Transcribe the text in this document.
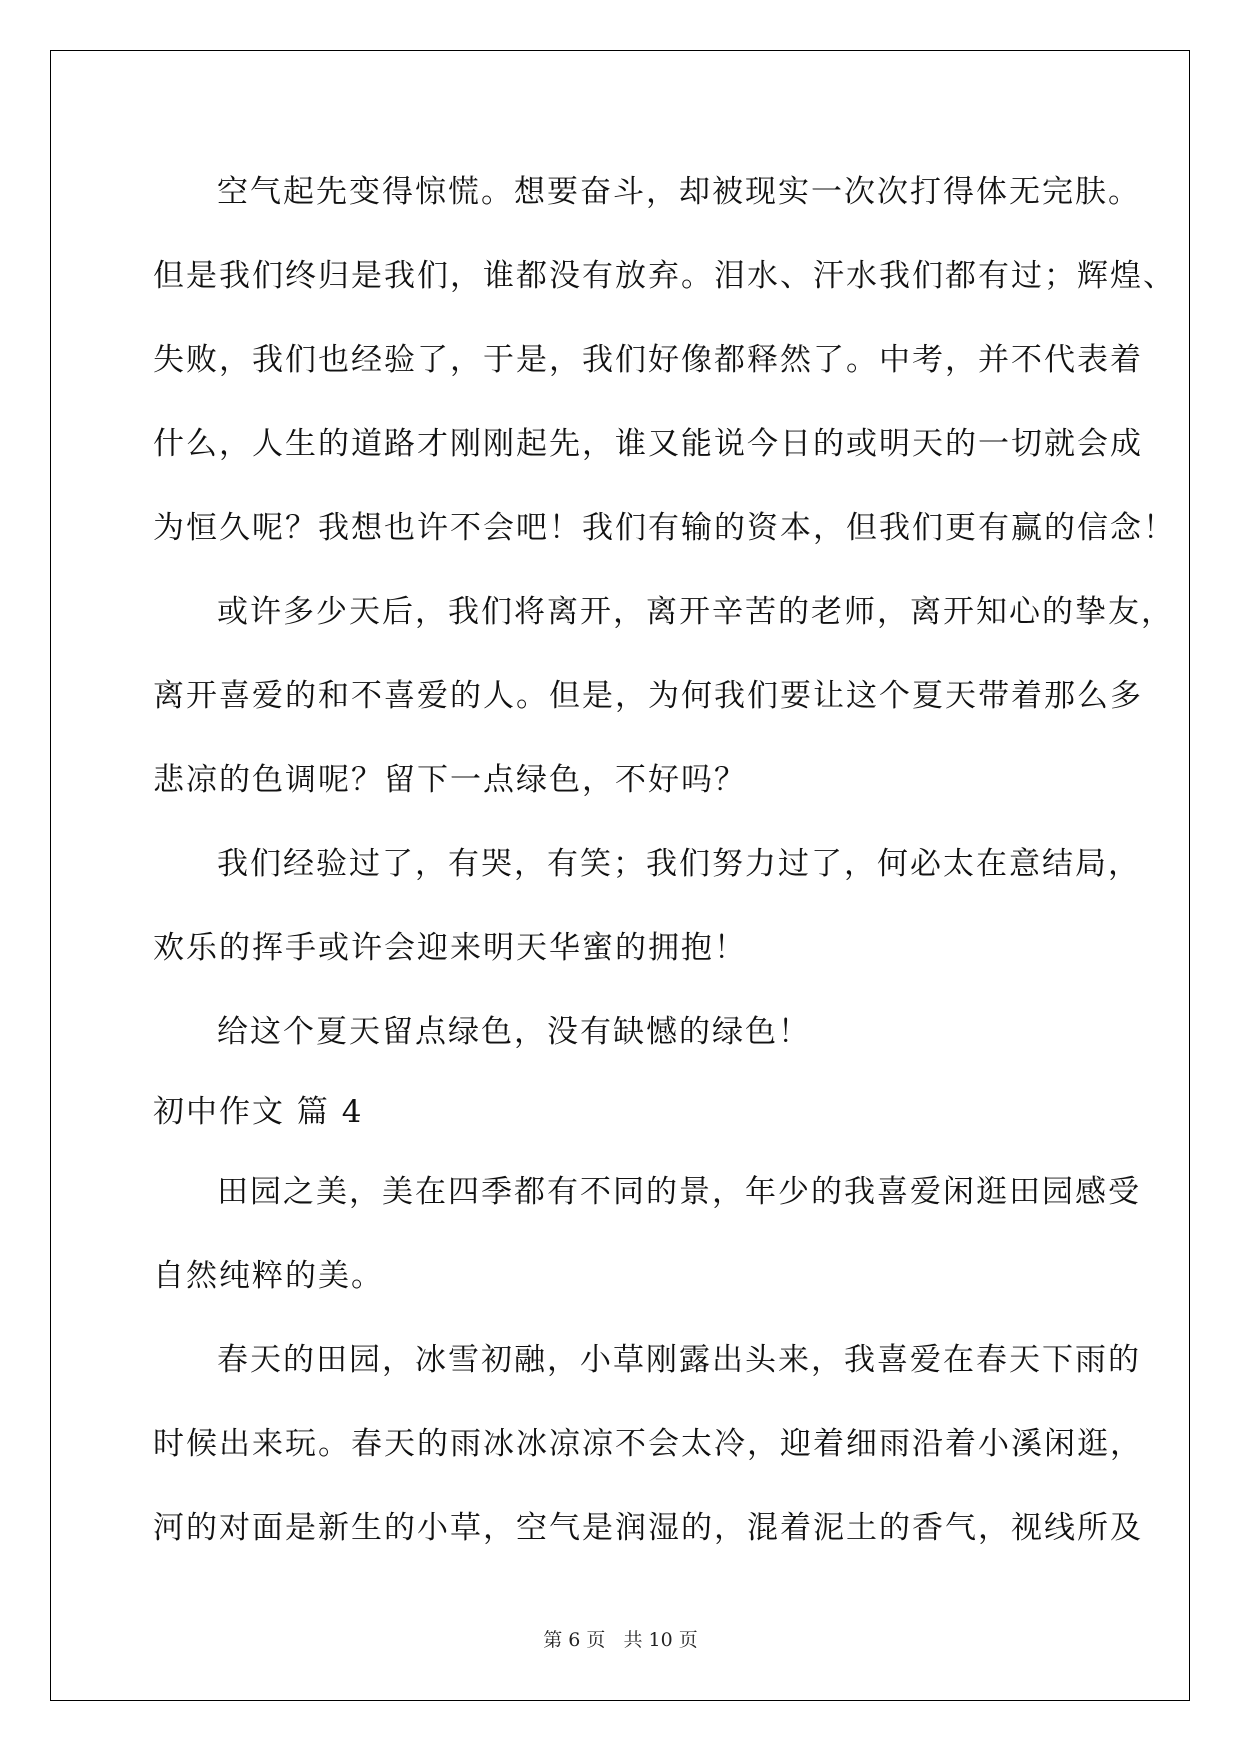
空气起先变得惊慌。想要奋斗，却被现实一次次打得体无完肤。
但是我们终归是我们，谁都没有放弃。泪水、汗水我们都有过；辉煌、
失败，我们也经验了，于是，我们好像都释然了。中考，并不代表着
什么，人生的道路才刚刚起先，谁又能说今日的或明天的一切就会成
为恒久呢？我想也许不会吧！我们有输的资本，但我们更有赢的信念！
或许多少天后，我们将离开，离开辛苦的老师，离开知心的挚友，
离开喜爱的和不喜爱的人。但是，为何我们要让这个夏天带着那么多
悲凉的色调呢？留下一点绿色，不好吗？
我们经验过了，有哭，有笑；我们努力过了，何必太在意结局，
欢乐的挥手或许会迎来明天华蜜的拥抱！
给这个夏天留点绿色，没有缺憾的绿色！
初中作文 篇 4
田园之美，美在四季都有不同的景，年少的我喜爱闲逛田园感受
自然纯粹的美。
春天的田园，冰雪初融，小草刚露出头来，我喜爱在春天下雨的
时候出来玩。春天的雨冰冰凉凉不会太冷，迎着细雨沿着小溪闲逛，
河的对面是新生的小草，空气是润湿的，混着泥土的香气，视线所及
第 6 页 共 10 页
